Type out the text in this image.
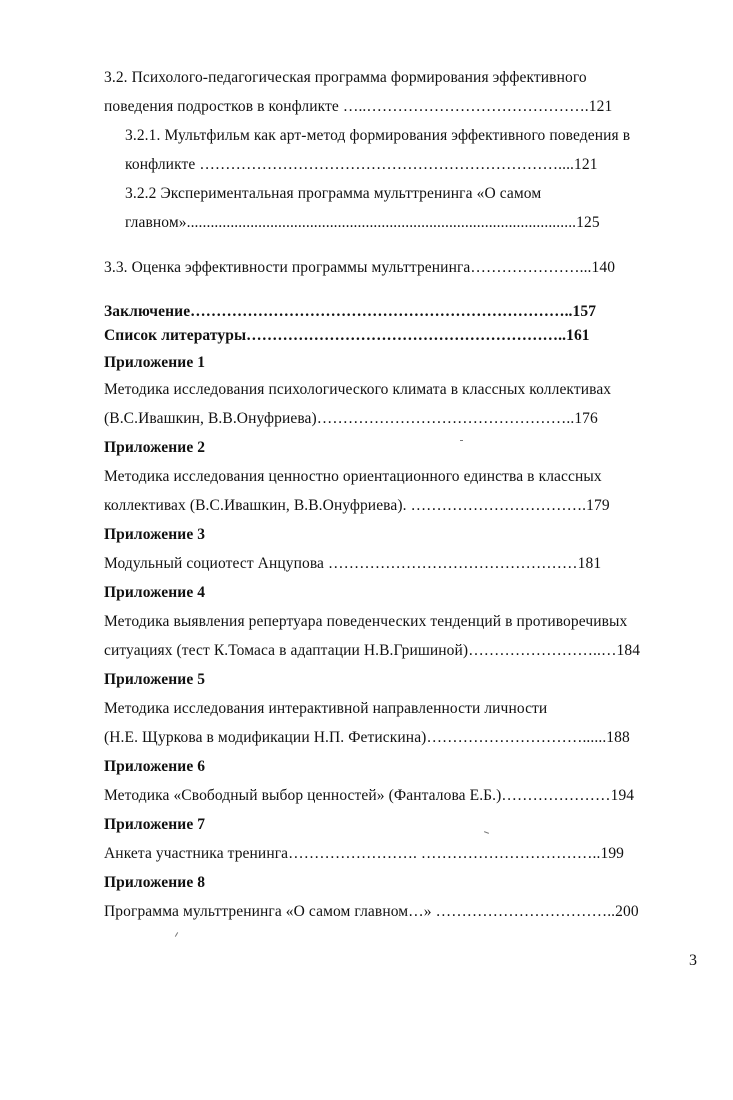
3.2. Психолого-педагогическая программа формирования эффективного
поведения подростков в конфликте …..…………………………………….121
3.2.1. Мультфильм как арт-метод формирования эффективного поведения в
конфликте ……………………………………………………………....121
3.2.2 Экспериментальная программа мульттренинга «О самом
главном»..................................................................................................125
3.3. Оценка эффективности программы мульттренинга…………………...140
Заключение………………………………………………………………..157
Список литературы……………………………………………………..161
Приложение 1
Методика исследования психологического климата в классных коллективах
(В.С.Ивашкин, В.В.Онуфриева)…………………………………………..176
Приложение 2
Методика исследования ценностно ориентационного единства в классных
коллективах (В.С.Ивашкин, В.В.Онуфриева). …………………………….179
Приложение 3
Модульный социотест Анцупова …………………………………………181
Приложение 4
Методика выявления репертуара поведенческих тенденций в противоречивых
ситуациях (тест К.Томаса в адаптации Н.В.Гришиной)……………………..…184
Приложение 5
Методика исследования интерактивной направленности личности
(Н.Е. Щуркова в модификации Н.П. Фетискина)…………………………......188
Приложение 6
Методика «Свободный выбор ценностей» (Фанталова Е.Б.)…………………194
Приложение 7
Анкета участника тренинга……………………. ……………………………..199
Приложение 8
Программа мульттренинга «О самом главном…» ……………………………..200
3
